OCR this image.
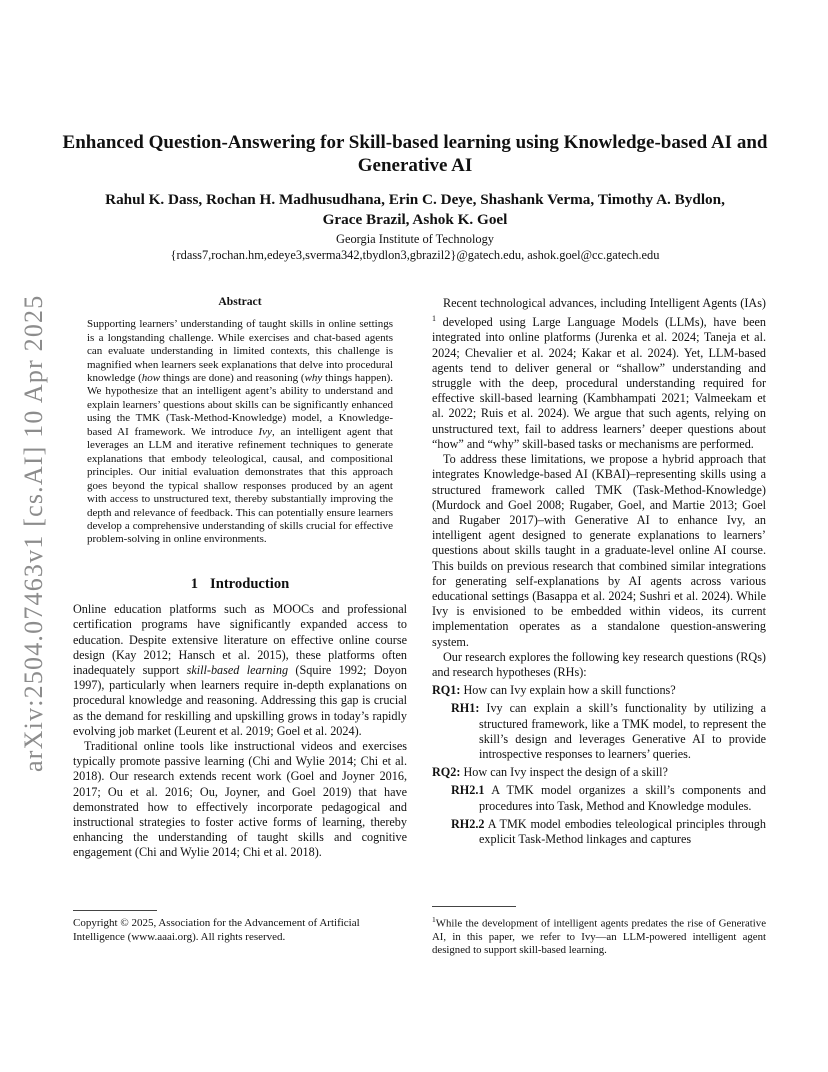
arXiv:2504.07463v1 [cs.AI] 10 Apr 2025
Enhanced Question-Answering for Skill-based learning using Knowledge-based AI and Generative AI
Rahul K. Dass, Rochan H. Madhusudhana, Erin C. Deye, Shashank Verma, Timothy A. Bydlon,
Grace Brazil, Ashok K. Goel
Georgia Institute of Technology
{rdass7,rochan.hm,edeye3,sverma342,tbydlon3,gbrazil2}@gatech.edu, ashok.goel@cc.gatech.edu
Abstract
Supporting learners’ understanding of taught skills in online settings is a longstanding challenge. While exercises and chat-based agents can evaluate understanding in limited contexts, this challenge is magnified when learners seek explanations that delve into procedural knowledge (how things are done) and reasoning (why things happen). We hypothesize that an intelligent agent’s ability to understand and explain learners’ questions about skills can be significantly enhanced using the TMK (Task-Method-Knowledge) model, a Knowledge-based AI framework. We introduce Ivy, an intelligent agent that leverages an LLM and iterative refinement techniques to generate explanations that embody teleological, causal, and compositional principles. Our initial evaluation demonstrates that this approach goes beyond the typical shallow responses produced by an agent with access to unstructured text, thereby substantially improving the depth and relevance of feedback. This can potentially ensure learners develop a comprehensive understanding of skills crucial for effective problem-solving in online environments.
1 Introduction

Online education platforms such as MOOCs and professional certification programs have significantly expanded access to education. Despite extensive literature on effective online course design (Kay 2012; Hansch et al. 2015), these platforms often inadequately support skill-based learning (Squire 1992; Doyon 1997), particularly when learners require in-depth explanations on procedural knowledge and reasoning. Addressing this gap is crucial as the demand for reskilling and upskilling grows in today’s rapidly evolving job market (Leurent et al. 2019; Goel et al. 2024).

Traditional online tools like instructional videos and exercises typically promote passive learning (Chi and Wylie 2014; Chi et al. 2018). Our research extends recent work (Goel and Joyner 2016, 2017; Ou et al. 2016; Ou, Joyner, and Goel 2019) that have demonstrated how to effectively incorporate pedagogical and instructional strategies to foster active forms of learning, thereby enhancing the understanding of taught skills and cognitive engagement (Chi and Wylie 2014; Chi et al. 2018).

Copyright © 2025, Association for the Advancement of Artificial Intelligence (www.aaai.org). All rights reserved.

Recent technological advances, including Intelligent Agents (IAs) $^1$ developed using Large Language Models (LLMs), have been integrated into online platforms (Jurenka et al. 2024; Taneja et al. 2024; Chevalier et al. 2024; Kakar et al. 2024). Yet, LLM-based agents tend to deliver general or “shallow” understanding and struggle with the deep, procedural understanding required for effective skill-based learning (Kambhampati 2021; Valmeekam et al. 2022; Ruis et al. 2024). We argue that such agents, relying on unstructured text, fail to address learners’ deeper questions about “how” and “why” skill-based tasks or mechanisms are performed.

To address these limitations, we propose a hybrid approach that integrates Knowledge-based AI (KBAI)–representing skills using a structured framework called TMK (Task-Method-Knowledge) (Murdock and Goel 2008; Rugaber, Goel, and Martie 2013; Goel and Rugaber 2017)–with Generative AI to enhance Ivy, an intelligent agent designed to generate explanations to learners’ questions about skills taught in a graduate-level online AI course. This builds on previous research that combined similar integrations for generating self-explanations by AI agents across various educational settings (Basappa et al. 2024; Sushri et al. 2024). While Ivy is envisioned to be embedded within videos, its current implementation operates as a standalone question-answering system.

Our research explores the following key research questions (RQs) and research hypotheses (RHs):

RQ1: How can Ivy explain how a skill functions?
RH1: Ivy can explain a skill’s functionality by utilizing a structured framework, like a TMK model, to represent the skill’s design and leverages Generative AI to provide introspective responses to learners’ queries.
RQ2: How can Ivy inspect the design of a skill?
RH2.1 A TMK model organizes a skill’s components and procedures into Task, Method and Knowledge modules.
RH2.2 A TMK model embodies teleological principles through explicit Task-Method linkages and captures
$^1$While the development of intelligent agents predates the rise of Generative AI, in this paper, we refer to Ivy—an LLM-powered intelligent agent designed to support skill-based learning.
